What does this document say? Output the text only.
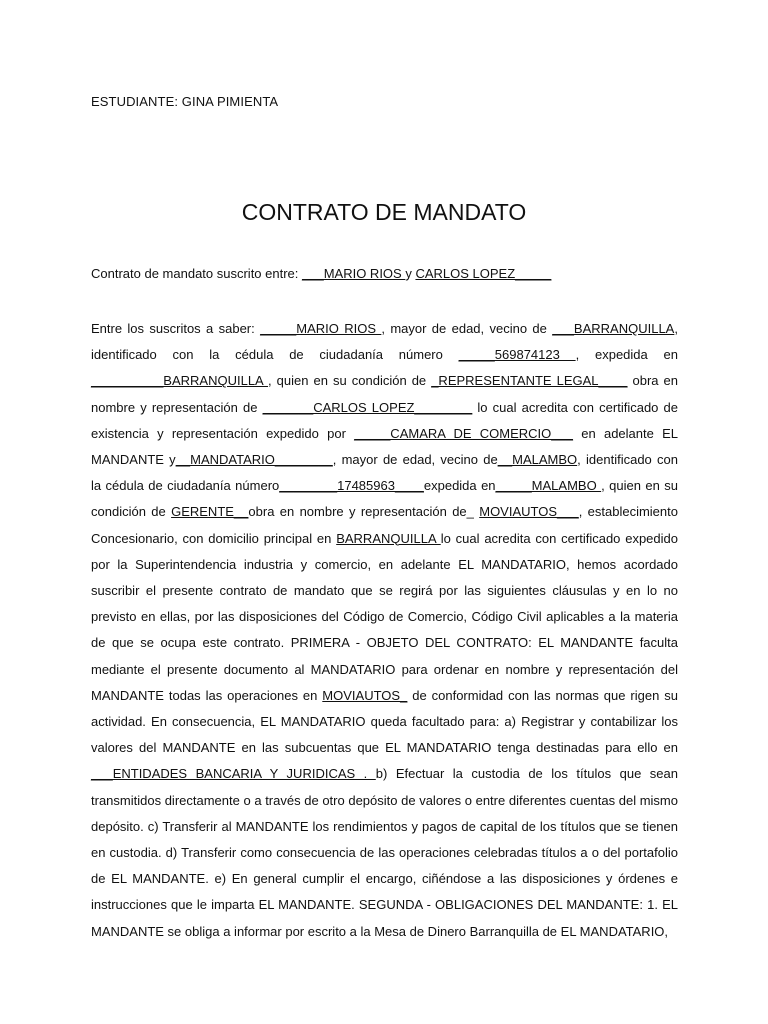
ESTUDIANTE: GINA PIMIENTA
CONTRATO DE MANDATO
Contrato de mandato suscrito entre: ___MARIO RIOS y CARLOS LOPEZ_____
Entre los suscritos a saber: _____MARIO RIOS , mayor de edad, vecino de ___BARRANQUILLA, identificado con la cédula de ciudadanía número _____569874123 , expedida en __________BARRANQUILLA , quien en su condición de _REPRESENTANTE LEGAL____ obra en nombre y representación de _______CARLOS LOPEZ________ lo cual acredita con certificado de existencia y representación expedido por _____CAMARA DE COMERCIO___ en adelante EL MANDANTE y__MANDATARIO________, mayor de edad, vecino de__MALAMBO, identificado con la cédula de ciudadanía número________17485963____expedida en_____MALAMBO , quien en su condición de GERENTE__obra en nombre y representación de_ MOVIAUTOS___, establecimiento Concesionario, con domicilio principal en BARRANQUILLA lo cual acredita con certificado expedido por la Superintendencia industria y comercio, en adelante EL MANDATARIO, hemos acordado suscribir el presente contrato de mandato que se regirá por las siguientes cláusulas y en lo no previsto en ellas, por las disposiciones del Código de Comercio, Código Civil aplicables a la materia de que se ocupa este contrato. PRIMERA - OBJETO DEL CONTRATO: EL MANDANTE faculta mediante el presente documento al MANDATARIO para ordenar en nombre y representación del MANDANTE todas las operaciones en MOVIAUTOS_ de conformidad con las normas que rigen su actividad. En consecuencia, EL MANDATARIO queda facultado para: a) Registrar y contabilizar los valores del MANDANTE en las subcuentas que EL MANDATARIO tenga destinadas para ello en ___ENTIDADES BANCARIA Y JURIDICAS . b) Efectuar la custodia de los títulos que sean transmitidos directamente o a través de otro depósito de valores o entre diferentes cuentas del mismo depósito. c) Transferir al MANDANTE los rendimientos y pagos de capital de los títulos que se tienen en custodia. d) Transferir como consecuencia de las operaciones celebradas títulos a o del portafolio de EL MANDANTE. e) En general cumplir el encargo, ciñéndose a las disposiciones y órdenes e instrucciones que le imparta EL MANDANTE. SEGUNDA - OBLIGACIONES DEL MANDANTE: 1. EL MANDANTE se obliga a informar por escrito a la Mesa de Dinero Barranquilla de EL MANDATARIO,
